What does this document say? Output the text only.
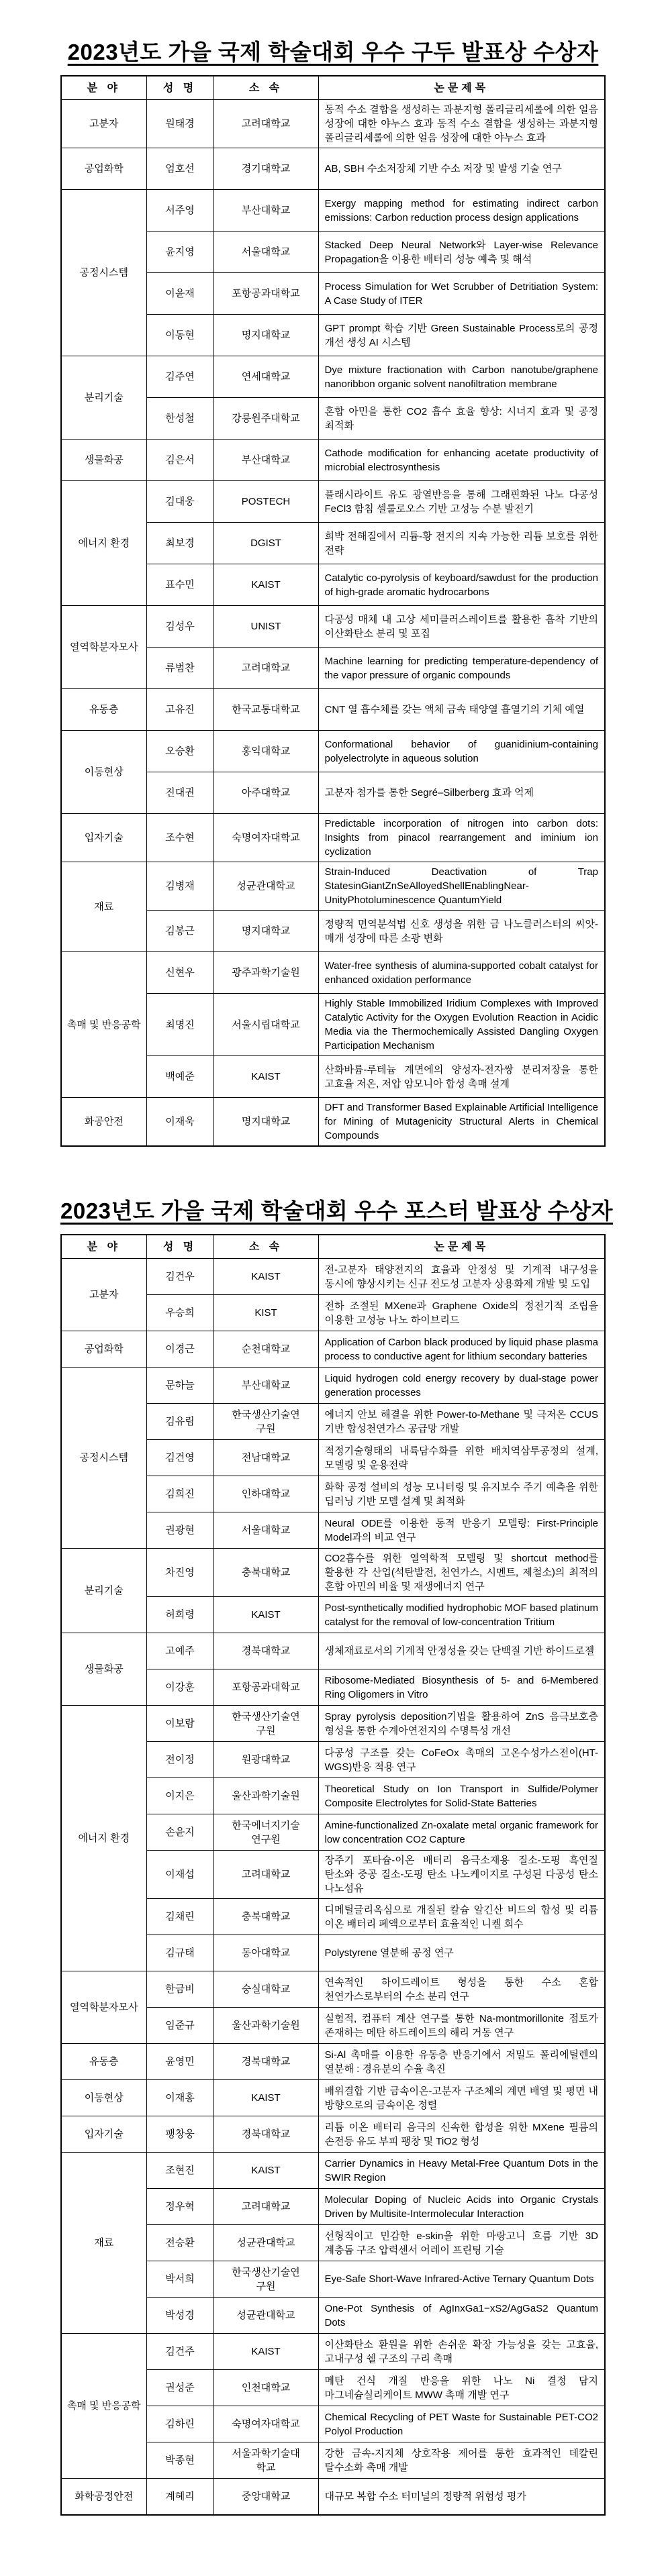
2023년도 가을 국제 학술대회 우수 구두 발표상 수상자
분 야	성 명	소 속	논문제목
고분자	원태경	고려대학교	동적 수소 결합을 생성하는 과분지형 폴리글리세롤에 의한 얼음 성장에 대한 야누스 효과 동적 수소 결합을 생성하는 과분지형 폴리글리세롤에 의한 얼음 성장에 대한 야누스 효과
공업화학	엄호선	경기대학교	AB, SBH 수소저장체 기반 수소 저장 및 발생 기술 연구
공정시스템	서주영	부산대학교	Exergy mapping method for estimating indirect carbon emissions: Carbon reduction process design applications
	윤지영	서울대학교	Stacked Deep Neural Network와 Layer-wise Relevance Propagation을 이용한 배터리 성능 예측 및 해석
	이윤재	포항공과대학교	Process Simulation for Wet Scrubber of Detritiation System: A Case Study of ITER
	이동현	명지대학교	GPT prompt 학습 기반 Green Sustainable Process로의 공정 개선 생성 AI 시스템
분리기술	김주연	연세대학교	Dye mixture fractionation with Carbon nanotube/graphene nanoribbon organic solvent nanofiltration membrane
	한성철	강릉원주대학교	혼합 아민을 통한 CO2 흡수 효율 향상: 시너지 효과 및 공정 최적화
생물화공	김은서	부산대학교	Cathode modification for enhancing acetate productivity of microbial electrosynthesis
에너지 환경	김대웅	POSTECH	플래시라이트 유도 광열반응을 통해 그래핀화된 나노 다공성 FeCl3 함침 셀룰로오스 기반 고성능 수분 발전기
	최보경	DGIST	희박 전해질에서 리튬-황 전지의 지속 가능한 리튬 보호를 위한 전략
	표수민	KAIST	Catalytic co-pyrolysis of keyboard/sawdust for the production of high-grade aromatic hydrocarbons
열역학분자모사	김성우	UNIST	다공성 매체 내 고상 세미클러스레이트를 활용한 흡착 기반의 이산화탄소 분리 및 포집
	류범찬	고려대학교	Machine learning for predicting temperature-dependency of the vapor pressure of organic compounds
유동층	고유진	한국교통대학교	CNT 열 흡수체를 갖는 액체 금속 태양열 흡열기의 기체 예열
이동현상	오승환	홍익대학교	Conformational behavior of guanidinium-containing polyelectrolyte in aqueous solution
	진대권	아주대학교	고분자 첨가를 통한 Segré–Silberberg 효과 억제
입자기술	조수현	숙명여자대학교	Predictable incorporation of nitrogen into carbon dots: Insights from pinacol rearrangement and iminium ion cyclization
재료	김병재	성균관대학교	Strain-Induced Deactivation of Trap StatesinGiantZnSeAlloyedShellEnablingNear-UnityPhotoluminescence QuantumYield
	김봉근	명지대학교	정량적 면역분석법 신호 생성을 위한 금 나노클러스터의 씨앗-매개 성장에 따른 소광 변화
촉매 및 반응공학	신현우	광주과학기술원	Water-free synthesis of alumina-supported cobalt catalyst for enhanced oxidation performance
	최명진	서울시립대학교	Highly Stable Immobilized Iridium Complexes with Improved Catalytic Activity for the Oxygen Evolution Reaction in Acidic Media via the Thermochemically Assisted Dangling Oxygen Participation Mechanism
	백예준	KAIST	산화바륨-루테늄 계면에의 양성자-전자쌍 분리저장을 통한 고효율 저온, 저압 암모니아 합성 촉매 설계
화공안전	이재욱	명지대학교	DFT and Transformer Based Explainable Artificial Intelligence for Mining of Mutagenicity Structural Alerts in Chemical Compounds
2023년도 가을 국제 학술대회 우수 포스터 발표상 수상자
분 야	성 명	소 속	논문제목
고분자	김건우	KAIST	전-고분자 태양전지의 효율과 안정성 및 기계적 내구성을 동시에 향상시키는 신규 전도성 고분자 상용화제 개발 및 도입
	우승희	KIST	전하 조절된 MXene과 Graphene Oxide의 정전기적 조립을 이용한 고성능 나노 하이브리드
공업화학	이경근	순천대학교	Application of Carbon black produced by liquid phase plasma process to conductive agent for lithium secondary batteries
공정시스템	문하늘	부산대학교	Liquid hydrogen cold energy recovery by dual-stage power generation processes
	김유림	한국생산기술연구원	에너지 안보 해결을 위한 Power-to-Methane 및 극저온 CCUS 기반 합성천연가스 공급망 개발
	김건영	전남대학교	적정기술형태의 내륙담수화를 위한 배치역삼투공정의 설계, 모델링 및 운용전략
	김희진	인하대학교	화학 공정 설비의 성능 모니터링 및 유지보수 주기 예측을 위한 딥러닝 기반 모델 설계 및 최적화
	권광현	서울대학교	Neural ODE를 이용한 동적 반응기 모델링: First-Principle Model과의 비교 연구
분리기술	차진영	충북대학교	CO2흡수를 위한 열역학적 모델링 및 shortcut method를 활용한 각 산업(석탄발전, 천연가스, 시멘트, 제철소)의 최적의 혼합 아민의 비율 및 재생에너지 연구
	허희령	KAIST	Post-synthetically modified hydrophobic MOF based platinum catalyst for the removal of low-concentration Tritium
생물화공	고예주	경북대학교	생체재료로서의 기계적 안정성을 갖는 단백질 기반 하이드로젤
	이강훈	포항공과대학교	Ribosome-Mediated Biosynthesis of 5- and 6-Membered Ring Oligomers in Vitro
에너지 환경	이보람	한국생산기술연구원	Spray pyrolysis deposition기법을 활용하여 ZnS 음극보호층 형성을 통한 수계아연전지의 수명특성 개선
	전이정	원광대학교	다공성 구조를 갖는 CoFeOx 촉매의 고온수성가스전이(HT-WGS)반응 적용 연구
	이지은	울산과학기술원	Theoretical Study on Ion Transport in Sulfide/Polymer Composite Electrolytes for Solid-State Batteries
	손윤지	한국에너지기술연구원	Amine-functionalized Zn-oxalate metal organic framework for low concentration CO2 Capture
	이재섭	고려대학교	장주기 포타슘-이온 배터리 음극소재용 질소-도핑 흑연질 탄소와 중공 질소-도핑 탄소 나노케이지로 구성된 다공성 탄소 나노섬유
	김채린	충북대학교	디메틸글리옥심으로 개질된 칼슘 알긴산 비드의 합성 및 리튬 이온 배터리 폐액으로부터 효율적인 니켈 회수
	김규태	동아대학교	Polystyrene 열분해 공정 연구
열역학분자모사	한금비	숭실대학교	연속적인 하이드레이트 형성을 통한 수소 혼합 천연가스로부터의 수소 분리 연구
	임준규	울산과학기술원	실험적, 컴퓨터 계산 연구를 통한 Na-montmorillonite 점토가 존재하는 메탄 하드레이트의 해리 거동 연구
유동층	윤영민	경북대학교	Si-Al 촉매를 이용한 유동층 반응기에서 저밀도 폴리에틸렌의 열분해 : 경유분의 수율 촉진
이동현상	이재홍	KAIST	배위결합 기반 금속이온-고분자 구조체의 계면 배열 및 평면 내 방향으로의 금속이온 정렬
입자기술	팽창웅	경북대학교	리튬 이온 배터리 음극의 신속한 합성을 위한 MXene 필름의 손전등 유도 부피 팽창 및 TiO2 형성
재료	조현진	KAIST	Carrier Dynamics in Heavy Metal-Free Quantum Dots in the SWIR Region
	정우혁	고려대학교	Molecular Doping of Nucleic Acids into Organic Crystals Driven by Multisite-Intermolecular Interaction
	전승환	성균관대학교	선형적이고 민감한 e-skin을 위한 마랑고니 흐름 기반 3D 계층돔 구조 압력센서 어레이 프린팅 기술
	박서희	한국생산기술연구원	Eye-Safe Short-Wave Infrared-Active Ternary Quantum Dots
	박성경	성균관대학교	One-Pot Synthesis of AgInxGa1−xS2/AgGaS2 Quantum Dots
촉매 및 반응공학	김건주	KAIST	이산화탄소 환원을 위한 손쉬운 확장 가능성을 갖는 고효율, 고내구성 쉘 구조의 구리 촉매
	권성준	인천대학교	메탄 건식 개질 반응을 위한 나노 Ni 결정 담지 마그네슘실리케이트 MWW 촉매 개발 연구
	김하린	숙명여자대학교	Chemical Recycling of PET Waste for Sustainable PET-CO2 Polyol Production
	박종현	서울과학기술대학교	강한 금속-지지체 상호작용 제어를 통한 효과적인 데칼린 탈수소화 촉매 개발
화학공정안전	계혜리	중앙대학교	대규모 복합 수소 터미널의 정량적 위험성 평가
